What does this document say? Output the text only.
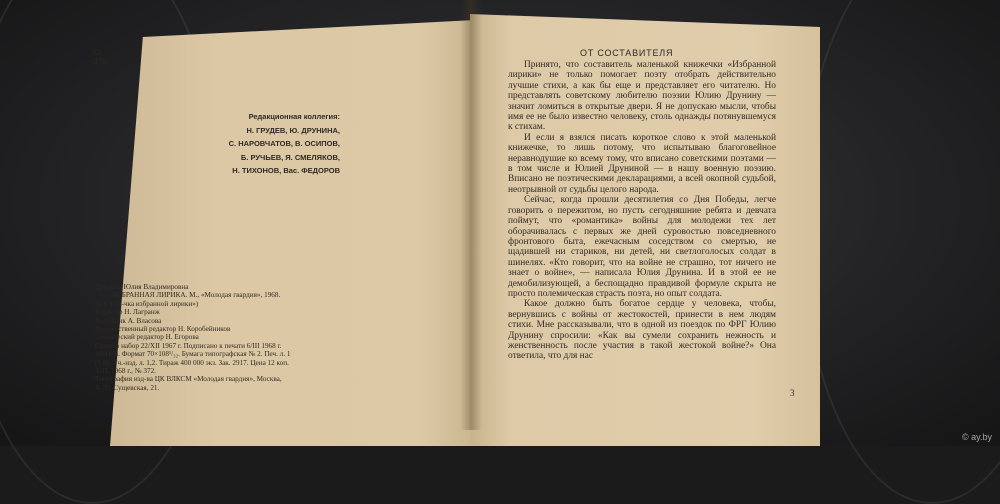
Р2
Д76
Редакционная коллегия:
Н. ГРУДЕВ, Ю. ДРУНИНА,
С. НАРОВЧАТОВ, В. ОСИПОВ,
Б. РУЧЬЕВ, Я. СМЕЛЯКОВ,
Н. ТИХОНОВ, Вас. ФЕДОРОВ
Друнина Юлия Владимировна
ИЗБРАННАЯ ЛИРИКА. М., «Молодая гвардия», 1968.
32 с. («В-чка избранной лирики»)
Редактор Н. Лагранж
Художник А. Власова
Художественный редактор Н. Коробейников
Технический редактор Н. Егорова
Сдано в набор 22/XII 1967 г. Подписано к печати 6/III 1968 г.
А04148. Формат 70×108¹/₃₂. Бумага типографская № 2. Печ. л. 1
(1,4). Уч.-изд. л. 1,2. Тираж 400 000 экз. Зак. 2917. Цена 12 коп.
Т. П. 1968 г., № 372.
Типография изд-ва ЦК ВЛКСМ «Молодая гвардия», Москва,
А-30, Сущевская, 21.
ОТ СОСТАВИТЕЛЯ

Принято, что составитель маленькой книжечки «Избранной лирики» не только помогает поэту отобрать действительно лучшие стихи, а как бы еще и представляет его читателю. Но представлять советскому любителю поэзии Юлию Друнину — значит ломиться в открытые двери. Я не допускаю мысли, чтобы имя ее не было известно человеку, столь однажды потянувшемуся к стихам.

И если я взялся писать короткое слово к этой маленькой книжечке, то лишь потому, что испытываю благоговейное неравнодушие ко всему тому, что вписано советскими поэтами — в том числе и Юлией Друниной — в нашу военную поэзию. Вписано не поэтическими декларациями, а всей окопной судьбой, неотрывной от судьбы целого народа.

Сейчас, когда прошли десятилетия со Дня Победы, легче говорить о пережитом, но пусть сегодняшние ребята и девчата поймут, что «романтика» войны для молодежи тех лет оборачивалась с первых же дней суровостью повседневного фронтового быта, ежечасным соседством со смертью, не щадившей ни стариков, ни детей, ни светлоголосых солдат в шинелях. «Кто говорит, что на войне не страшно, тот ничего не знает о войне», — написала Юлия Друнина. И в этой ее не демобилизующей, а беспощадно правдивой формуле скрыта не просто полемическая страсть поэта, но опыт солдата.

Какое должно быть богатое сердце у человека, чтобы, вернувшись с войны от жестокостей, принести в нем людям стихи. Мне рассказывали, что в одной из поездок по ФРГ Юлию Друнину спросили: «Как вы сумели сохранить нежность и женственность после участия в такой жестокой войне?» Она ответила, что для нас

3
© ay.by
